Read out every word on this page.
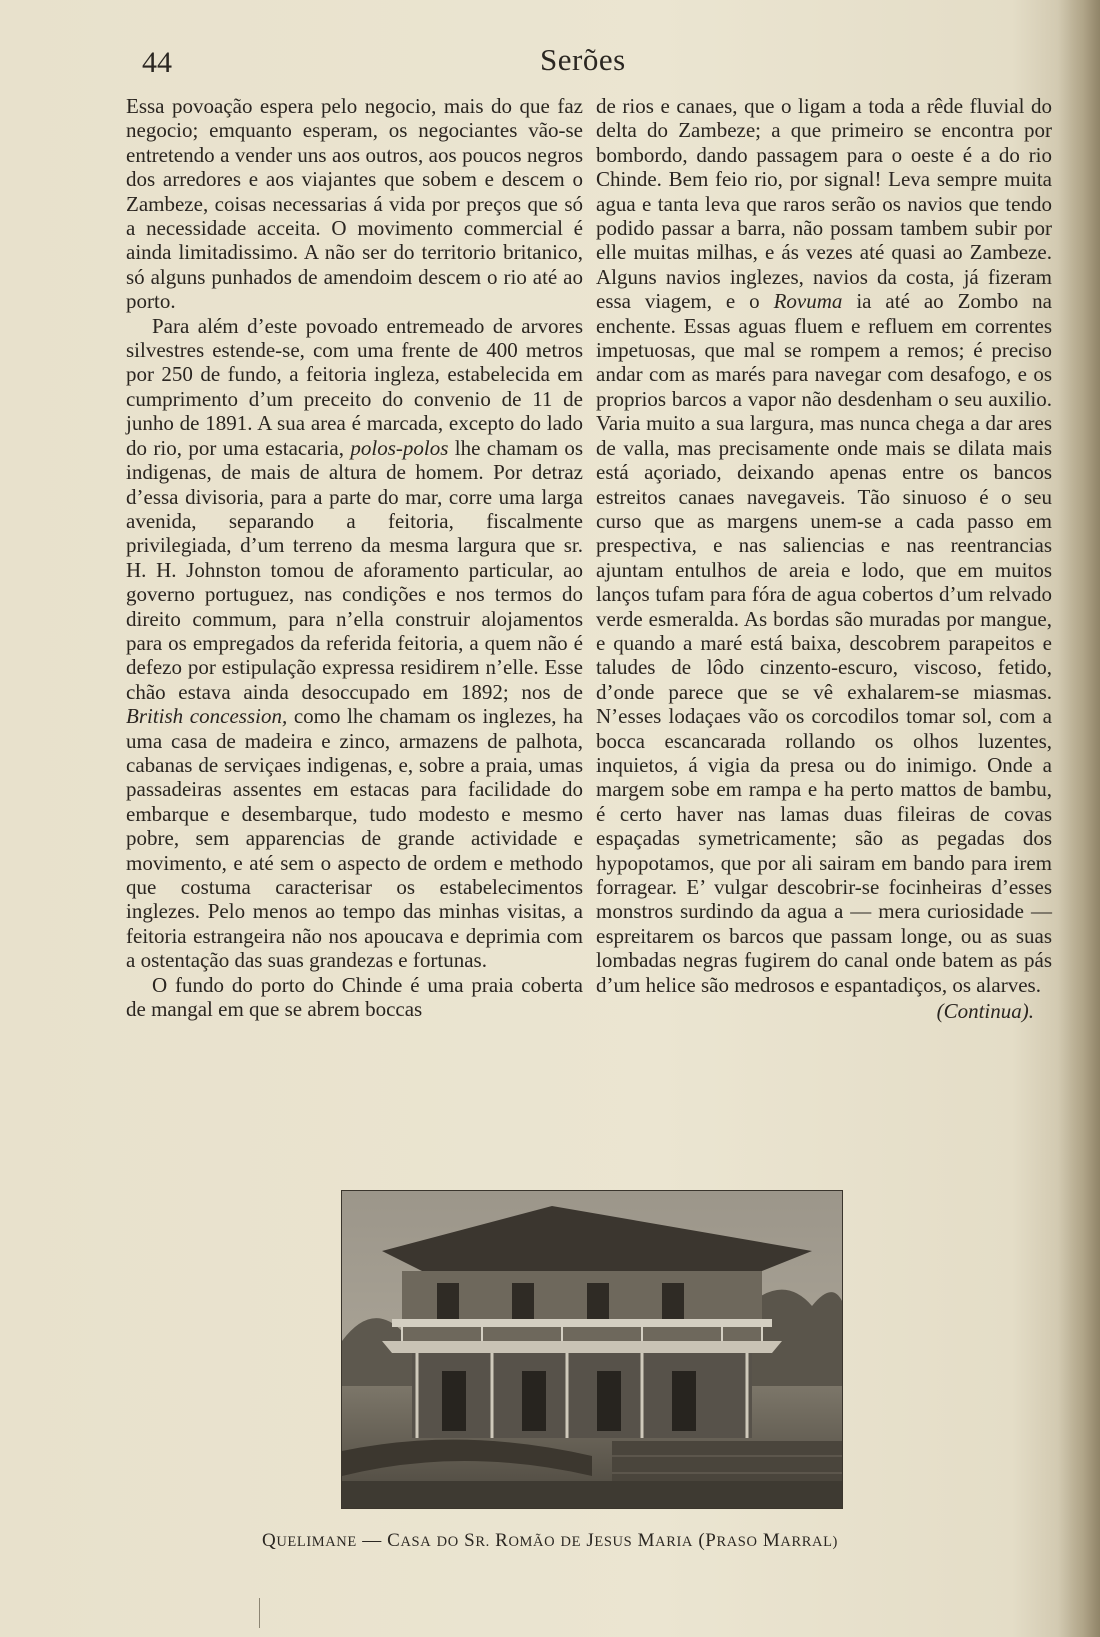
44	Serões

Essa povoação espera pelo negocio, mais do que faz negocio; emquanto esperam, os negociantes vão-se entretendo a vender uns aos outros, aos poucos negros dos arredores e aos viajantes que sobem e descem o Zambeze, coisas necessarias á vida por preços que só a necessidade acceita. O movimento commercial é ainda limitadissimo. A não ser do territorio britanico, só alguns punhados de amendoim descem o rio até ao porto.

Para além d’este povoado entremeado de arvores silvestres estende-se, com uma frente de 400 metros por 250 de fundo, a feitoria ingleza, estabelecida em cumprimento d’um preceito do convenio de 11 de junho de 1891. A sua area é marcada, excepto do lado do rio, por uma estacaria, polos-polos lhe chamam os indigenas, de mais de altura de homem. Por detraz d’essa divisoria, para a parte do mar, corre uma larga avenida, separando a feitoria, fiscalmente privilegiada, d’um terreno da mesma largura que sr. H. H. Johnston tomou de aforamento particular, ao governo portuguez, nas condições e nos termos do direito commum, para n’ella construir alojamentos para os empregados da referida feitoria, a quem não é defezo por estipulação expressa residirem n’elle. Esse chão estava ainda desoccupado em 1892; nos de British concession, como lhe chamam os inglezes, ha uma casa de madeira e zinco, armazens de palhota, cabanas de serviçaes indigenas, e, sobre a praia, umas passadeiras assentes em estacas para facilidade do embarque e desembarque, tudo modesto e mesmo pobre, sem apparencias de grande actividade e movimento, e até sem o aspecto de ordem e methodo que costuma caracterisar os estabelecimentos inglezes. Pelo menos ao tempo das minhas visitas, a feitoria estrangeira não nos apoucava e deprimia com a ostentação das suas grandezas e fortunas.

O fundo do porto do Chinde é uma praia coberta de mangal em que se abrem boccas

de rios e canaes, que o ligam a toda a rêde fluvial do delta do Zambeze; a que primeiro se encontra por bombordo, dando passagem para o oeste é a do rio Chinde. Bem feio rio, por signal! Leva sempre muita agua e tanta leva que raros serão os navios que tendo podido passar a barra, não possam tambem subir por elle muitas milhas, e ás vezes até quasi ao Zambeze. Alguns navios inglezes, navios da costa, já fizeram essa viagem, e o Rovuma ia até ao Zombo na enchente. Essas aguas fluem e refluem em correntes impetuosas, que mal se rompem a remos; é preciso andar com as marés para navegar com desafogo, e os proprios barcos a vapor não desdenham o seu auxilio. Varia muito a sua largura, mas nunca chega a dar ares de valla, mas precisamente onde mais se dilata mais está açoriado, deixando apenas entre os bancos estreitos canaes navegaveis. Tão sinuoso é o seu curso que as margens unem-se a cada passo em prespectiva, e nas saliencias e nas reentrancias ajuntam entulhos de areia e lodo, que em muitos lanços tufam para fóra de agua cobertos d’um relvado verde esmeralda. As bordas são muradas por mangue, e quando a maré está baixa, descobrem parapeitos e taludes de lôdo cinzento-escuro, viscoso, fetido, d’onde parece que se vê exhalarem-se miasmas. N’esses lodaçaes vão os corcodilos tomar sol, com a bocca escancarada rollando os olhos luzentes, inquietos, á vigia da presa ou do inimigo. Onde a margem sobe em rampa e ha perto mattos de bambu, é certo haver nas lamas duas fileiras de covas espaçadas symetricamente; são as pegadas dos hypopotamos, que por ali sairam em bando para irem forragear. E’ vulgar descobrir-se focinheiras d’esses monstros surdindo da agua a — mera curiosidade — espreitarem os barcos que passam longe, ou as suas lombadas negras fugirem do canal onde batem as pás d’um helice são medrosos e espantadiços, os alarves.

(Continua).
QUELIMANE — CASA DO SR. ROMÃO DE JESUS MARIA (PRASO MARRAL)
